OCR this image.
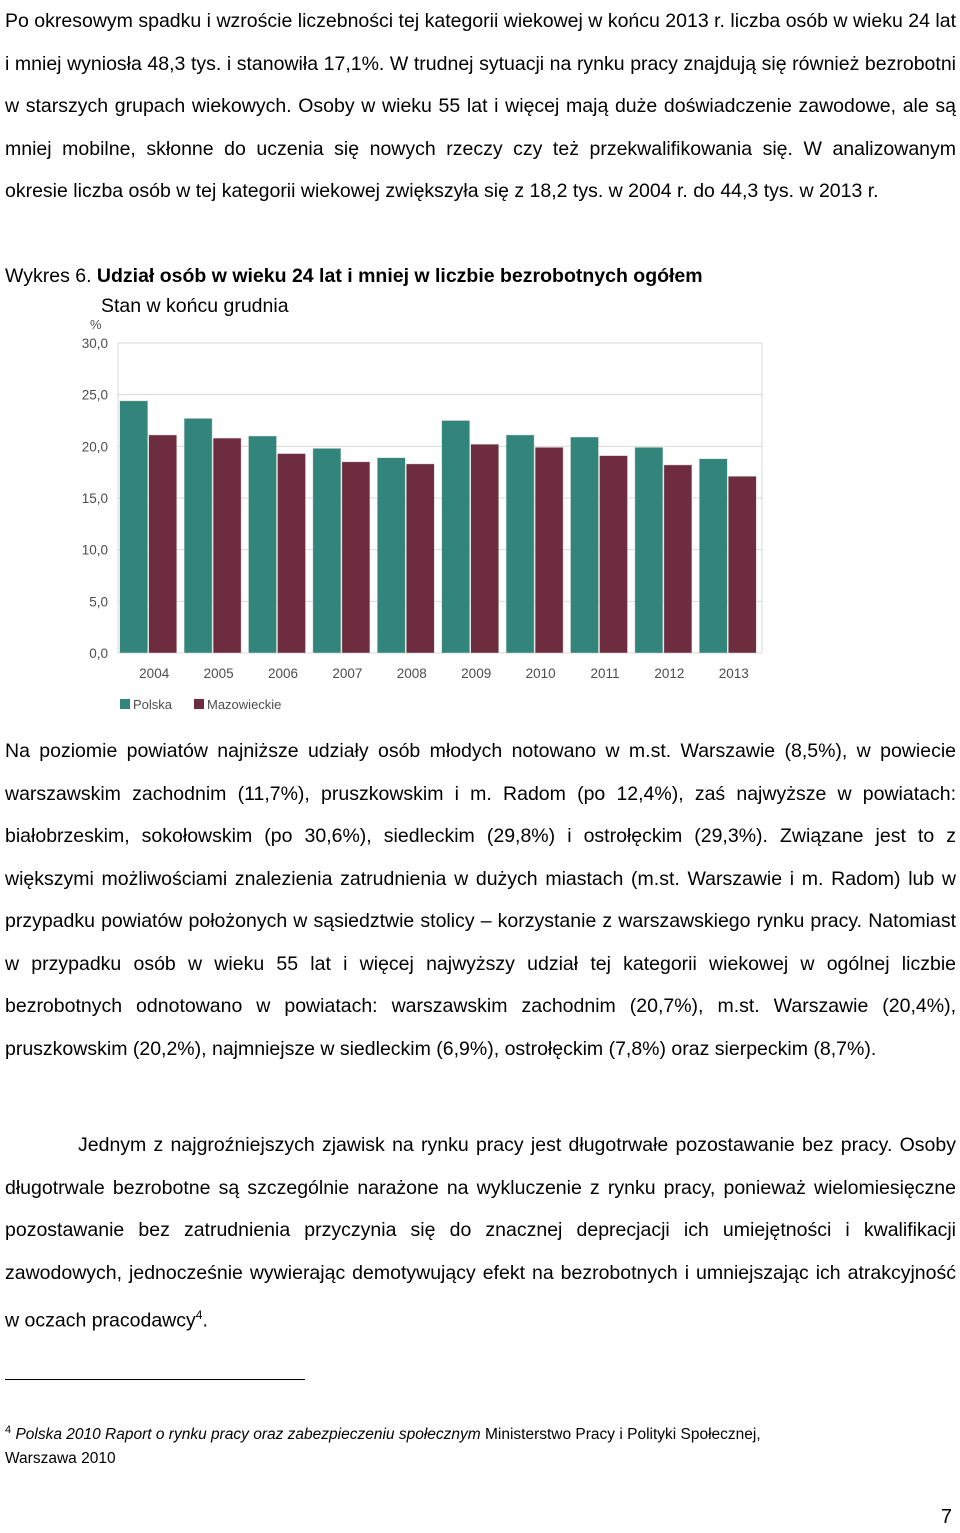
Po okresowym spadku i wzroście liczebności tej kategorii wiekowej w końcu 2013 r. liczba osób w wieku 24 lat i mniej wyniosła 48,3 tys. i stanowiła 17,1%. W trudnej sytuacji na rynku pracy znajdują się również bezrobotni w starszych grupach wiekowych. Osoby w wieku 55 lat i więcej mają duże doświadczenie zawodowe, ale są mniej mobilne, skłonne do uczenia się nowych rzeczy czy też przekwalifikowania się. W analizowanym okresie liczba osób w tej kategorii wiekowej zwiększyła się z 18,2 tys. w 2004 r. do 44,3 tys. w 2013 r.

Wykres 6. Udział osób w wieku 24 lat i mniej w liczbie bezrobotnych ogółem
Stan w końcu grudnia
%
0,0
5,0
10,0
15,0
20,0
25,0
30,0
2004	2005	2006	2007	2008	2009	2010	2011	2012	2013
Polska	Mazowieckie

Na poziomie powiatów najniższe udziały osób młodych notowano w m.st. Warszawie (8,5%), w powiecie warszawskim zachodnim (11,7%), pruszkowskim i m. Radom (po 12,4%), zaś najwyższe w powiatach: białobrzeskim, sokołowskim (po 30,6%), siedleckim (29,8%) i ostrołęckim (29,3%). Związane jest to z większymi możliwościami znalezienia zatrudnienia w dużych miastach (m.st. Warszawie i m. Radom) lub w przypadku powiatów położonych w sąsiedztwie stolicy – korzystanie z warszawskiego rynku pracy. Natomiast w przypadku osób w wieku 55 lat i więcej najwyższy udział tej kategorii wiekowej w ogólnej liczbie bezrobotnych odnotowano w powiatach: warszawskim zachodnim (20,7%), m.st. Warszawie (20,4%), pruszkowskim (20,2%), najmniejsze w siedleckim (6,9%), ostrołęckim (7,8%) oraz sierpeckim (8,7%).

Jednym z najgroźniejszych zjawisk na rynku pracy jest długotrwałe pozostawanie bez pracy. Osoby długotrwale bezrobotne są szczególnie narażone na wykluczenie z rynku pracy, ponieważ wielomiesięczne pozostawanie bez zatrudnienia przyczynia się do znacznej deprecjacji ich umiejętności i kwalifikacji zawodowych, jednocześnie wywierając demotywujący efekt na bezrobotnych i umniejszając ich atrakcyjność w oczach pracodawcy$^4$.

$^4$ Polska 2010 Raport o rynku pracy oraz zabezpieczeniu społecznym Ministerstwo Pracy i Polityki Społecznej,
Warszawa 2010
7
